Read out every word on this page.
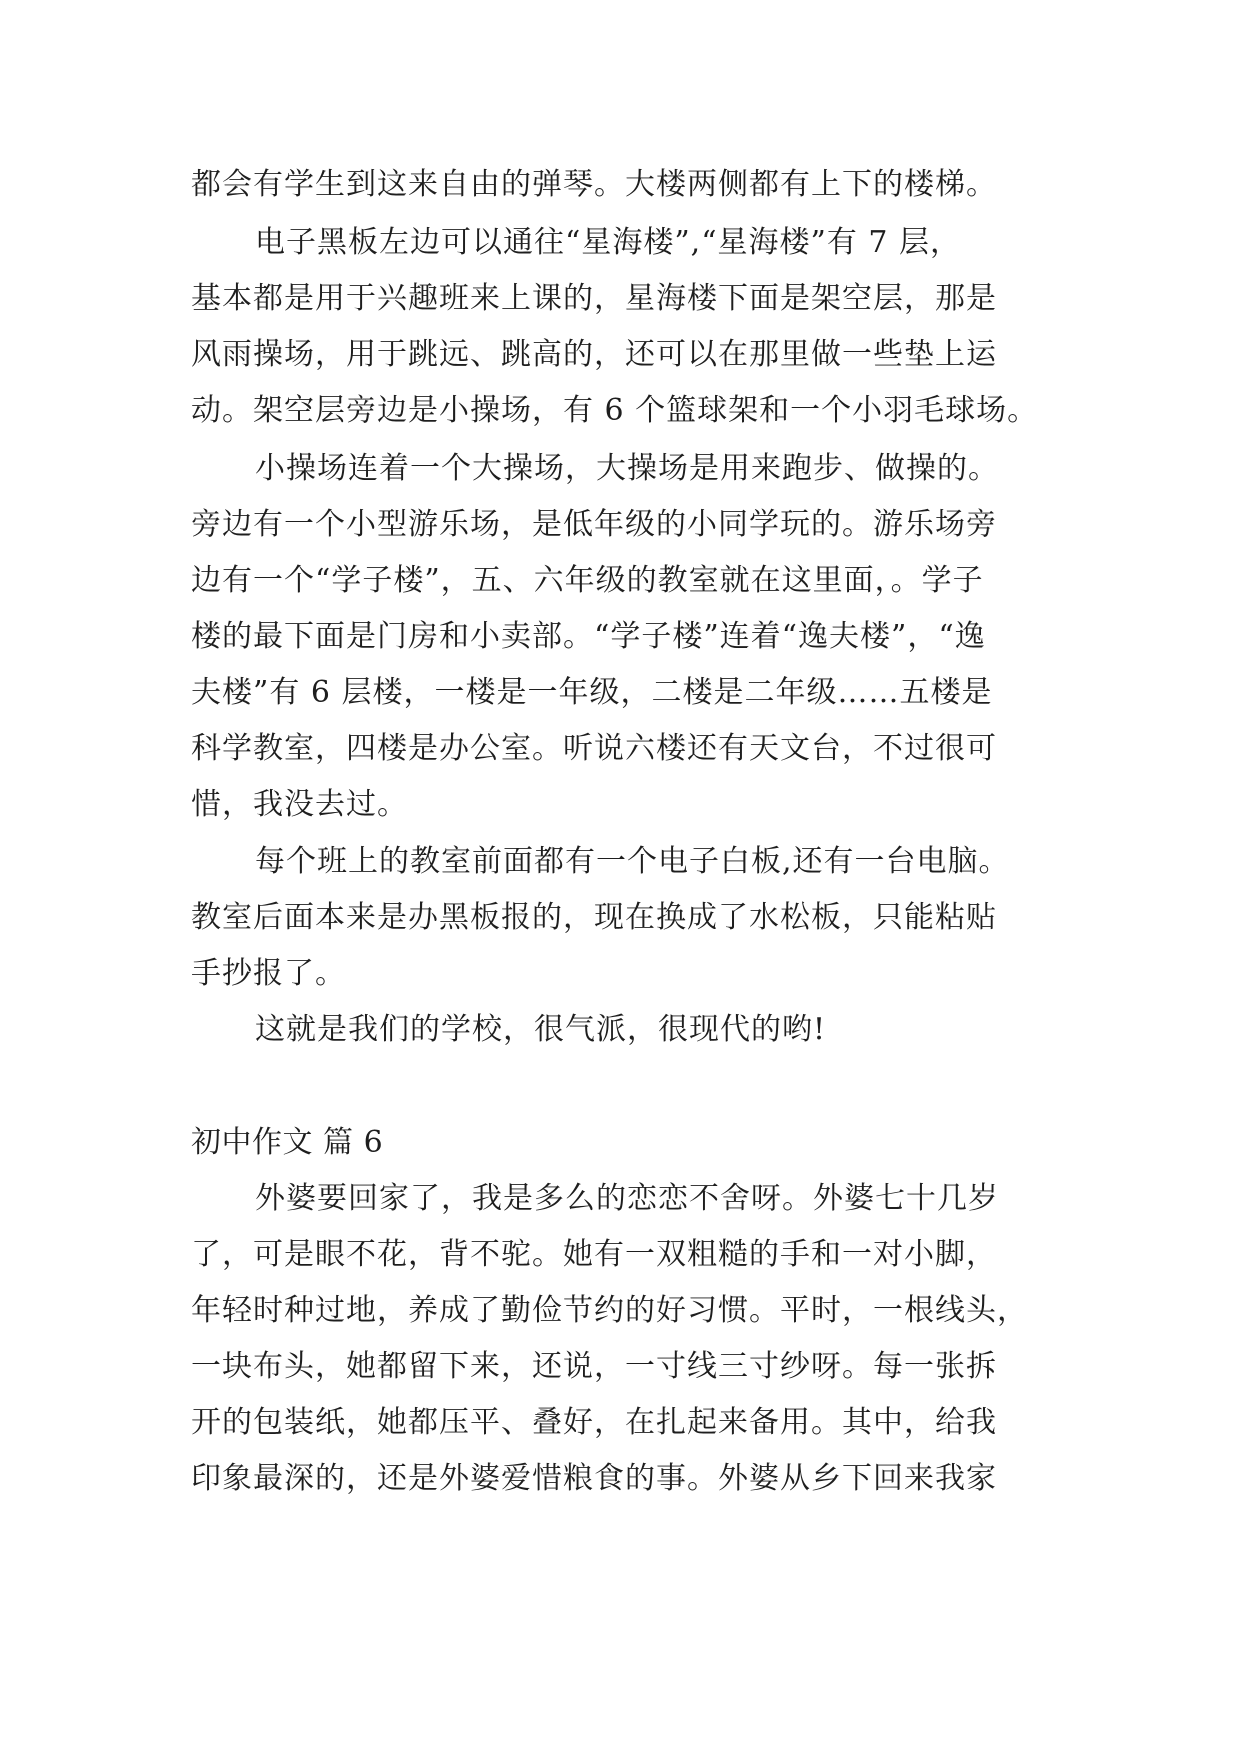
都会有学生到这来自由的弹琴。大楼两侧都有上下的楼梯。
电子黑板左边可以通往“星海楼”,“星海楼”有 7 层，
基本都是用于兴趣班来上课的，星海楼下面是架空层，那是
风雨操场，用于跳远、跳高的，还可以在那里做一些垫上运
动。架空层旁边是小操场，有 6 个篮球架和一个小羽毛球场。
小操场连着一个大操场，大操场是用来跑步、做操的。
旁边有一个小型游乐场，是低年级的小同学玩的。游乐场旁
边有一个“学子楼”，五、六年级的教室就在这里面，。学子
楼的最下面是门房和小卖部。“学子楼”连着“逸夫楼”，“逸
夫楼”有 6 层楼，一楼是一年级，二楼是二年级……五楼是
科学教室，四楼是办公室。听说六楼还有天文台，不过很可
惜，我没去过。
每个班上的教室前面都有一个电子白板,还有一台电脑。
教室后面本来是办黑板报的，现在换成了水松板，只能粘贴
手抄报了。
这就是我们的学校，很气派，很现代的哟!
初中作文 篇 6
外婆要回家了，我是多么的恋恋不舍呀。外婆七十几岁
了，可是眼不花，背不驼。她有一双粗糙的手和一对小脚，
年轻时种过地，养成了勤俭节约的好习惯。平时，一根线头，
一块布头，她都留下来，还说，一寸线三寸纱呀。每一张拆
开的包装纸，她都压平、叠好，在扎起来备用。其中，给我
印象最深的，还是外婆爱惜粮食的事。外婆从乡下回来我家
